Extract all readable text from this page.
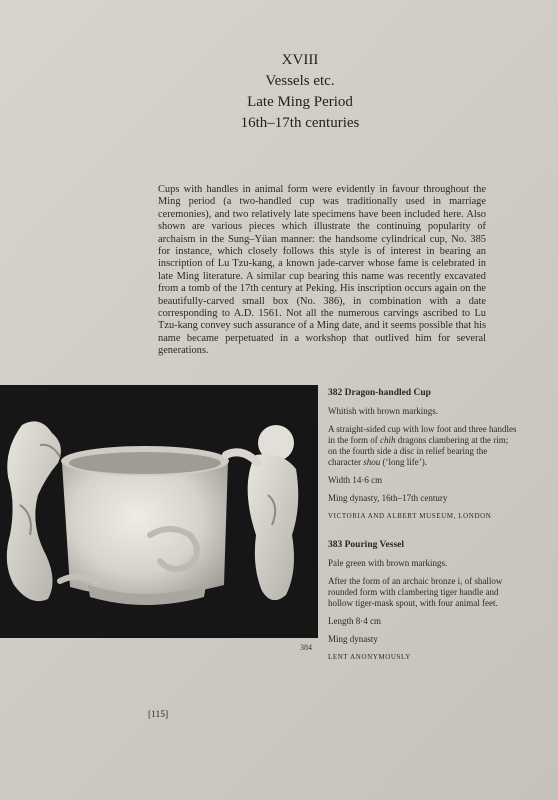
XVIII
Vessels etc.
Late Ming Period
16th–17th centuries
Cups with handles in animal form were evidently in favour throughout the Ming period (a two-handled cup was traditionally used in marriage ceremonies), and two relatively late specimens have been included here. Also shown are various pieces which illustrate the continuing popularity of archaism in the Sung–Yüan manner: the handsome cylindrical cup, No. 385 for instance, which closely follows this style is of interest in bearing an inscription of Lu Tzu-kang, a known jade-carver whose fame is celebrated in late Ming literature. A similar cup bearing this name was recently excavated from a tomb of the 17th century at Peking. His inscription occurs again on the beautifully-carved small box (No. 386), in combination with a date corresponding to A.D. 1561. Not all the numerous carvings ascribed to Lu Tzu-kang convey such assurance of a Ming date, and it seems possible that his name became perpetuated in a workshop that outlived him for several generations.
384
382 Dragon-handled Cup
Whitish with brown markings.
A straight-sided cup with low foot and three handles in the form of chih dragons clambering at the rim; on the fourth side a disc in relief bearing the character shou (‘long life’).
Width 14·6 cm
Ming dynasty, 16th–17th century
VICTORIA AND ALBERT MUSEUM, LONDON
383 Pouring Vessel
Pale green with brown markings.
After the form of an archaic bronze i, of shallow rounded form with clambering tiger handle and hollow tiger-mask spout, with four animal feet.
Length 8·4 cm
Ming dynasty
LENT ANONYMOUSLY
[115]
